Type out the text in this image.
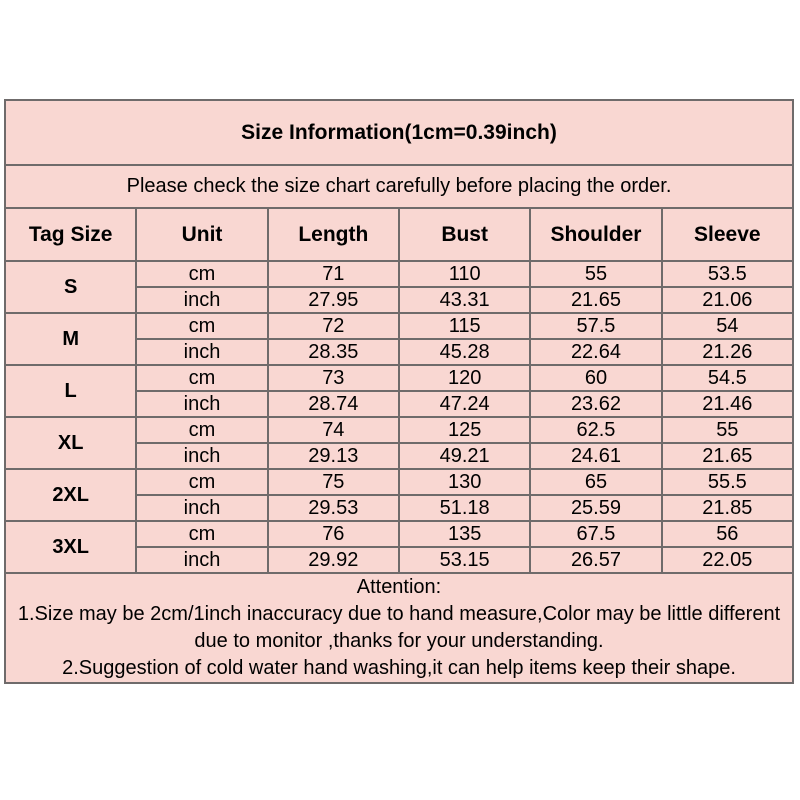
Size Information(1cm=0.39inch)					
Please check the size chart carefully before placing the order.					
Tag Size	Unit	Length	Bust	Shoulder	Sleeve
S	cm	71	110	55	53.5
	inch	27.95	43.31	21.65	21.06
M	cm	72	115	57.5	54
	inch	28.35	45.28	22.64	21.26
L	cm	73	120	60	54.5
	inch	28.74	47.24	23.62	21.46
XL	cm	74	125	62.5	55
	inch	29.13	49.21	24.61	21.65
2XL	cm	75	130	65	55.5
	inch	29.53	51.18	25.59	21.85
3XL	cm	76	135	67.5	56
	inch	29.92	53.15	26.57	22.05

Attention:
1.Size may be 2cm/1inch inaccuracy due to hand measure,Color may be little different due to monitor ,thanks for your understanding.
2.Suggestion of cold water hand washing,it can help items keep their shape.					
